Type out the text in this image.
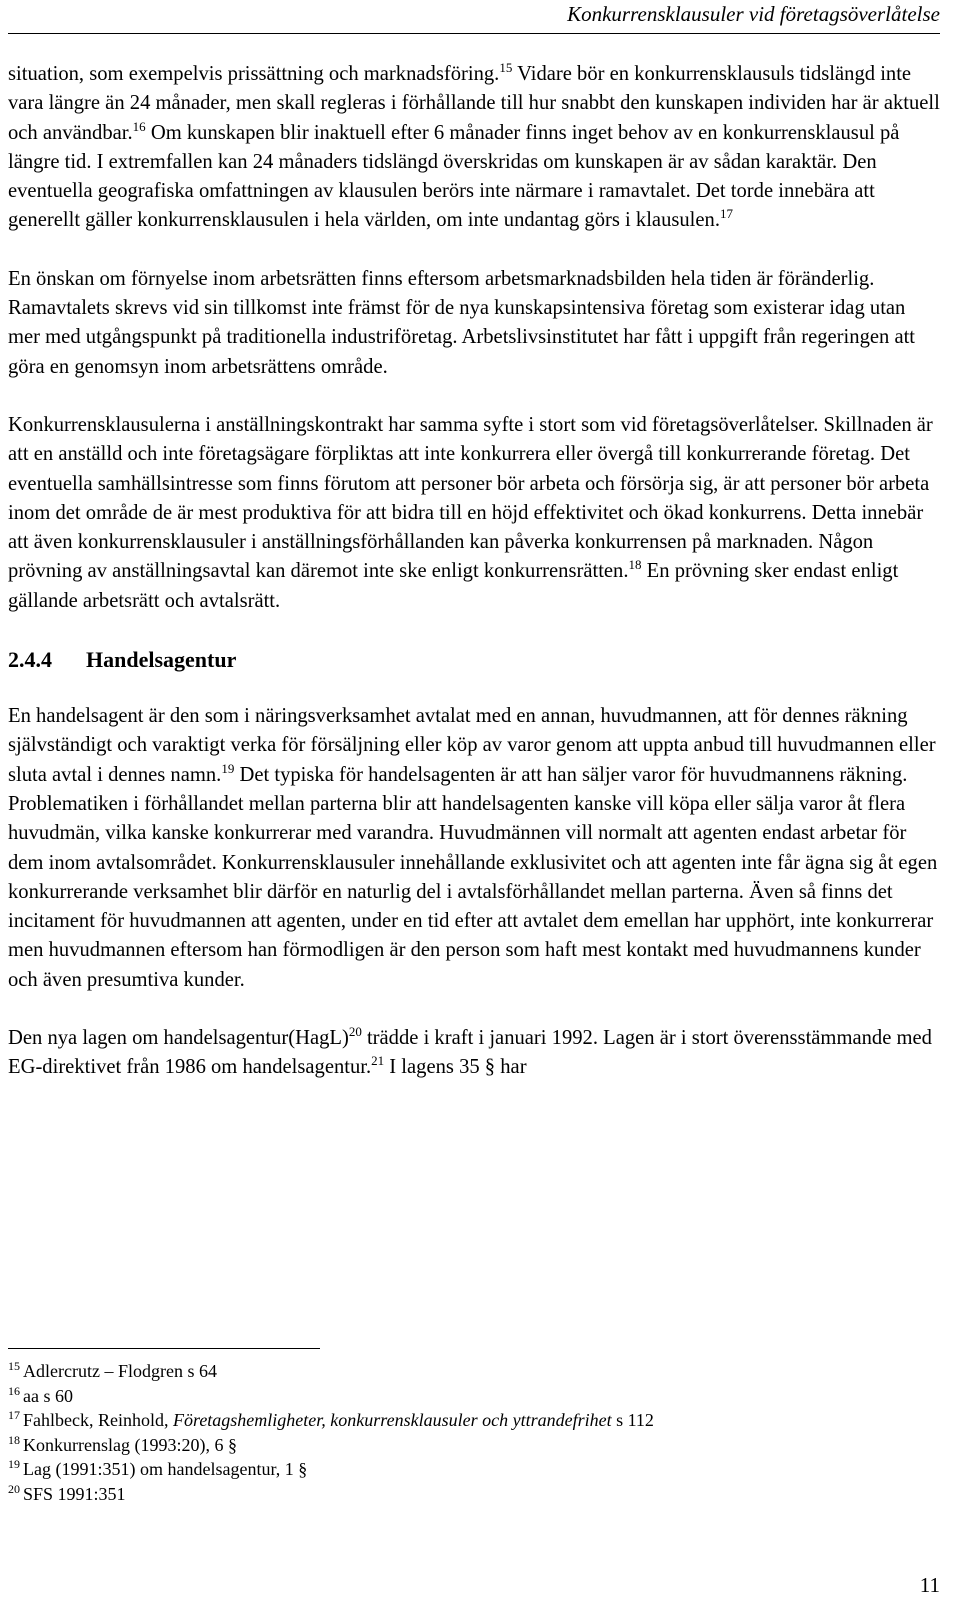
Konkurrensklausuler vid företagsöverlåtelse

situation, som exempelvis prissättning och marknadsföring.$^{15}$ Vidare bör en konkurrensklausuls tidslängd inte vara längre än 24 månader, men skall regleras i förhållande till hur snabbt den kunskapen individen har är aktuell och användbar.$^{16}$ Om kunskapen blir inaktuell efter 6 månader finns inget behov av en konkurrensklausul på längre tid. I extremfallen kan 24 månaders tidslängd överskridas om kunskapen är av sådan karaktär. Den eventuella geografiska omfattningen av klausulen berörs inte närmare i ramavtalet. Det torde innebära att generellt gäller konkurrensklausulen i hela världen, om inte undantag görs i klausulen.$^{17}$

En önskan om förnyelse inom arbetsrätten finns eftersom arbetsmarknadsbilden hela tiden är föränderlig. Ramavtalets skrevs vid sin tillkomst inte främst för de nya kunskapsintensiva företag som existerar idag utan mer med utgångspunkt på traditionella industriföretag. Arbetslivsinstitutet har fått i uppgift från regeringen att göra en genomsyn inom arbetsrättens område.

Konkurrensklausulerna i anställningskontrakt har samma syfte i stort som vid företagsöverlåtelser. Skillnaden är att en anställd och inte företagsägare förpliktas att inte konkurrera eller övergå till konkurrerande företag. Det eventuella samhällsintresse som finns förutom att personer bör arbeta och försörja sig, är att personer bör arbeta inom det område de är mest produktiva för att bidra till en höjd effektivitet och ökad konkurrens. Detta innebär att även konkurrensklausuler i anställningsförhållanden kan påverka konkurrensen på marknaden. Någon prövning av anställningsavtal kan däremot inte ske enligt konkurrensrätten.$^{18}$ En prövning sker endast enligt gällande arbetsrätt och avtalsrätt.

2.4.4 Handelsagentur

En handelsagent är den som i näringsverksamhet avtalat med en annan, huvudmannen, att för dennes räkning självständigt och varaktigt verka för försäljning eller köp av varor genom att uppta anbud till huvudmannen eller sluta avtal i dennes namn.$^{19}$ Det typiska för handelsagenten är att han säljer varor för huvudmannens räkning. Problematiken i förhållandet mellan parterna blir att handelsagenten kanske vill köpa eller sälja varor åt flera huvudmän, vilka kanske konkurrerar med varandra. Huvudmännen vill normalt att agenten endast arbetar för dem inom avtalsområdet. Konkurrensklausuler innehållande exklusivitet och att agenten inte får ägna sig åt egen konkurrerande verksamhet blir därför en naturlig del i avtalsförhållandet mellan parterna. Även så finns det incitament för huvudmannen att agenten, under en tid efter att avtalet dem emellan har upphört, inte konkurrerar men huvudmannen eftersom han förmodligen är den person som haft mest kontakt med huvudmannens kunder och även presumtiva kunder.

Den nya lagen om handelsagentur(HagL)$^{20}$ trädde i kraft i januari 1992. Lagen är i stort överensstämmande med EG-direktivet från 1986 om handelsagentur.$^{21}$ I lagens 35 § har

$^{15}$ Adlercrutz – Flodgren s 64

$^{16}$ aa s 60

$^{17}$ Fahlbeck, Reinhold, Företagshemligheter, konkurrensklausuler och yttrandefrihet s 112

$^{18}$ Konkurrenslag (1993:20), 6 §

$^{19}$ Lag (1991:351) om handelsagentur, 1 §

$^{20}$ SFS 1991:351

11
